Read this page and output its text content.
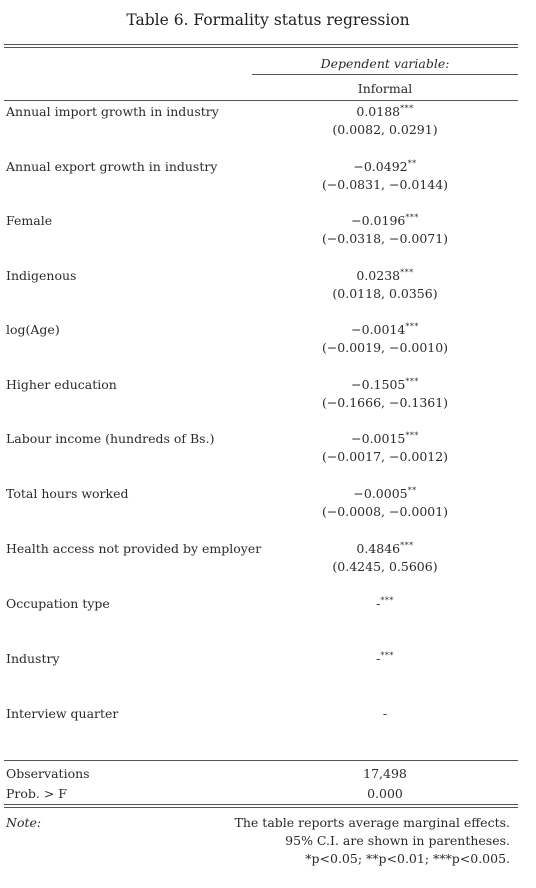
Table 6. Formality status regression
Dependent variable:
Informal
Annual import growth in industry	0.0188***
(0.0082, 0.0291)
Annual export growth in industry	−0.0492**
(−0.0831, −0.0144)
Female	−0.0196***
(−0.0318, −0.0071)
Indigenous	0.0238***
(0.0118, 0.0356)
log(Age)	−0.0014***
(−0.0019, −0.0010)
Higher education	−0.1505***
(−0.1666, −0.1361)
Labour income (hundreds of Bs.)	−0.0015***
(−0.0017, −0.0012)
Total hours worked	−0.0005**
(−0.0008, −0.0001)
Health access not provided by employer	0.4846***
(0.4245, 0.5606)
Occupation type	-***
Industry	-***
Interview quarter	-
Observations	17,498
Prob. > F	0.000
Note:	The table reports average marginal effects.
95% C.I. are shown in parentheses.
*p<0.05; **p<0.01; ***p<0.005.
